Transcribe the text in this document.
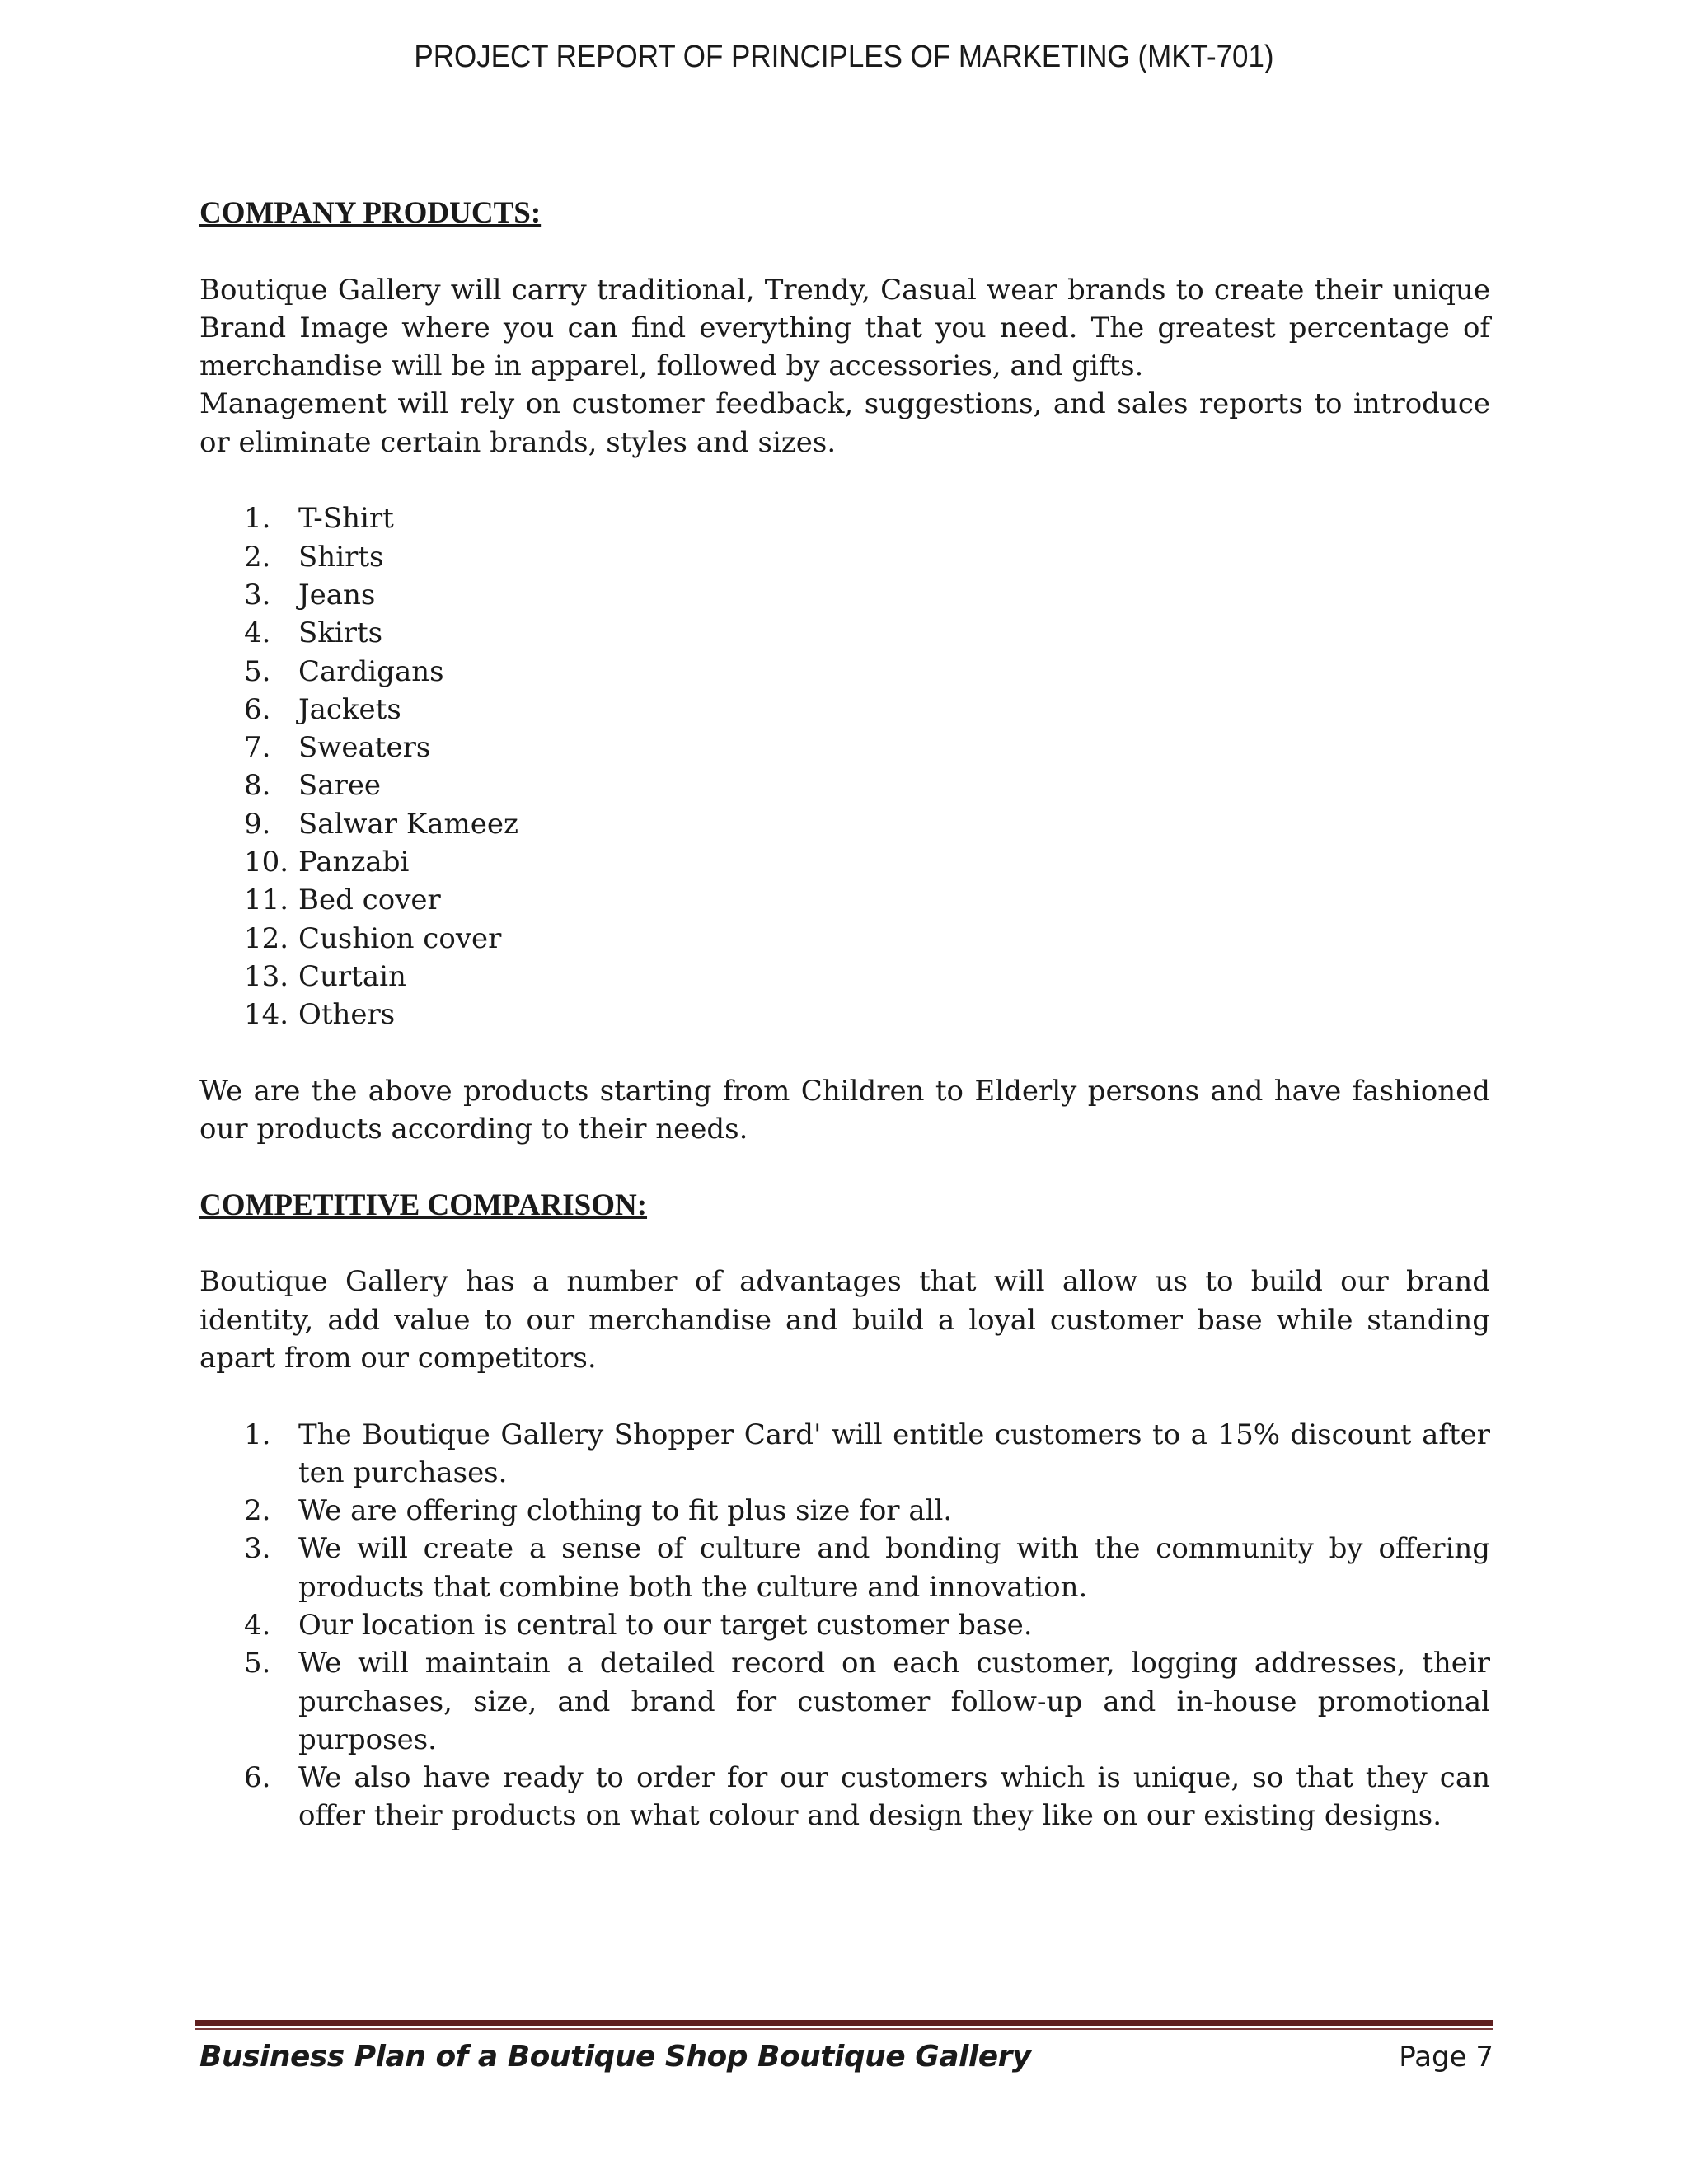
PROJECT REPORT OF PRINCIPLES OF MARKETING (MKT-701)
COMPANY PRODUCTS:

Boutique Gallery will carry traditional, Trendy, Casual wear brands to create their unique Brand Image where you can find everything that you need. The greatest percentage of merchandise will be in apparel, followed by accessories, and gifts.

Management will rely on customer feedback, suggestions, and sales reports to introduce or eliminate certain brands, styles and sizes.

1. T-Shirt
2. Shirts
3. Jeans
4. Skirts
5. Cardigans
6. Jackets
7. Sweaters
8. Saree
9. Salwar Kameez
10. Panzabi
11. Bed cover
12. Cushion cover
13. Curtain
14. Others

We are the above products starting from Children to Elderly persons and have fashioned our products according to their needs.

COMPETITIVE COMPARISON:

Boutique Gallery has a number of advantages that will allow us to build our brand identity, add value to our merchandise and build a loyal customer base while standing apart from our competitors.

1. The Boutique Gallery Shopper Card' will entitle customers to a 15% discount after ten purchases.
2. We are offering clothing to fit plus size for all.
3. We will create a sense of culture and bonding with the community by offering products that combine both the culture and innovation.
4. Our location is central to our target customer base.
5. We will maintain a detailed record on each customer, logging addresses, their purchases, size, and brand for customer follow-up and in-house promotional purposes.
6. We also have ready to order for our customers which is unique, so that they can offer their products on what colour and design they like on our existing designs.
Business Plan of a Boutique Shop Boutique Gallery	Page 7
